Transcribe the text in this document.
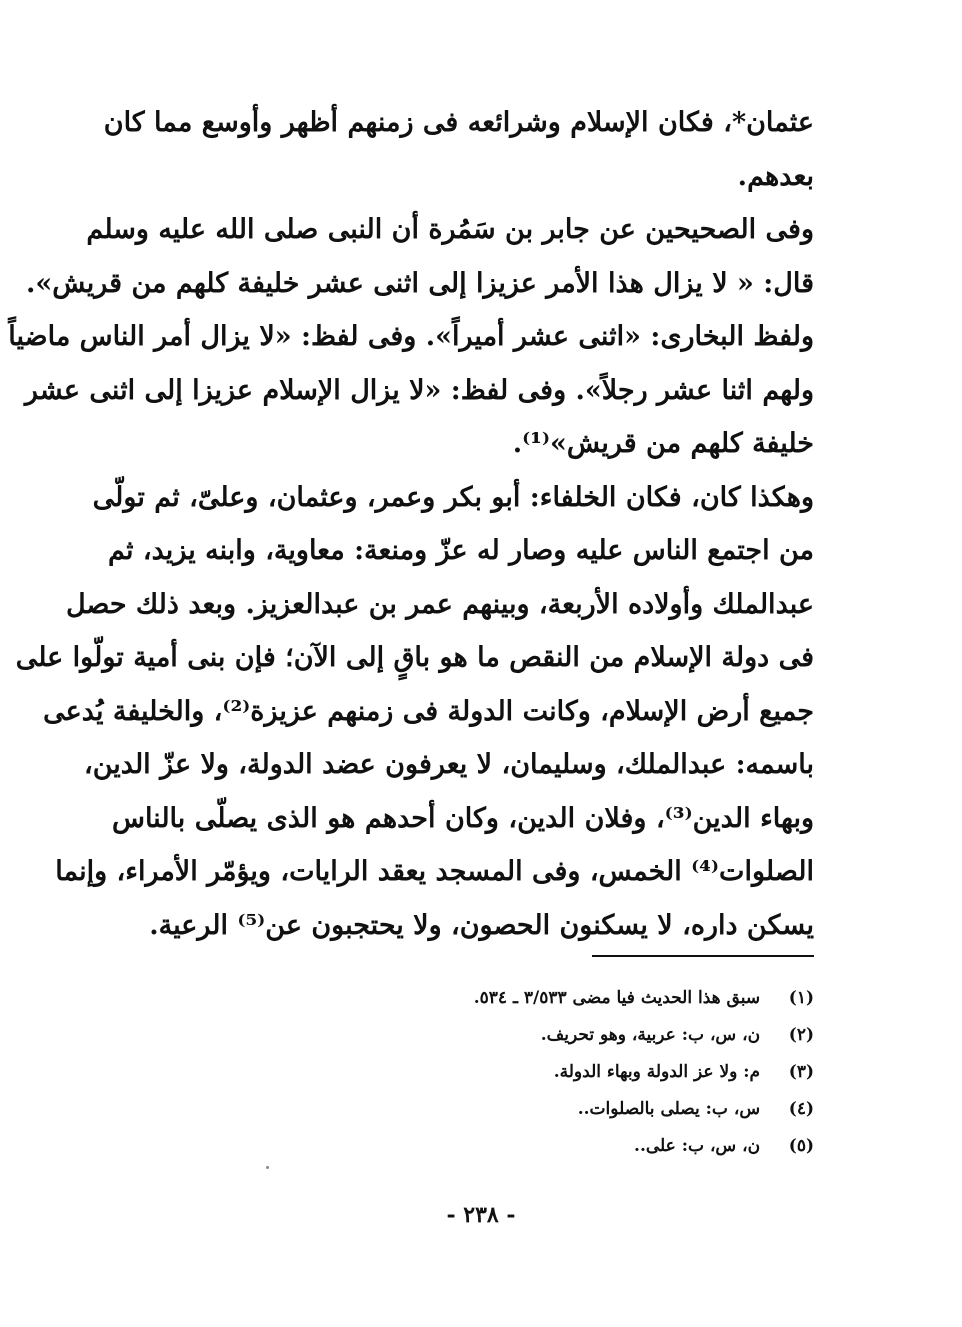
عثمان*، فكان الإسلام وشرائعه فى زمنهم أظهر وأوسع مما كان
بعدهم.
وفى الصحيحين عن جابر بن سَمُرة أن النبى صلى الله عليه وسلم
قال: « لا يزال هذا الأمر عزيزا إلى اثنى عشر خليفة كلهم من قريش».
ولفظ البخارى: «اثنى عشر أميراً». وفى لفظ: «لا يزال أمر الناس ماضياً
ولهم اثنا عشر رجلاً». وفى لفظ: «لا يزال الإسلام عزيزا إلى اثنى عشر
خليفة كلهم من قريش»⁽¹⁾.
وهكذا كان، فكان الخلفاء: أبو بكر وعمر، وعثمان، وعلىّ، ثم تولّى
من اجتمع الناس عليه وصار له عزّ ومنعة: معاوية، وابنه يزيد، ثم
عبدالملك وأولاده الأربعة، وبينهم عمر بن عبدالعزيز. وبعد ذلك حصل
فى دولة الإسلام من النقص ما هو باقٍ إلى الآن؛ فإن بنى أمية تولّوا على
جميع أرض الإسلام، وكانت الدولة فى زمنهم عزيزة⁽²⁾، والخليفة يُدعى
باسمه: عبدالملك، وسليمان، لا يعرفون عضد الدولة، ولا عزّ الدين،
وبهاء الدين⁽³⁾، وفلان الدين، وكان أحدهم هو الذى يصلّى بالناس
الصلوات⁽⁴⁾ الخمس، وفى المسجد يعقد الرايات، ويؤمّر الأمراء، وإنما
يسكن داره، لا يسكنون الحصون، ولا يحتجبون عن⁽⁵⁾ الرعية.
(١) سبق هذا الحديث فيا مضى ٣/٥٣٣ ـ ٥٣٤.
(٢) ن، س، ب: عربية، وهو تحريف.
(٣) م: ولا عز الدولة وبهاء الدولة.
(٤) س، ب: يصلى بالصلوات..
(٥) ن، س، ب: على..
- ٢٣٨ -
